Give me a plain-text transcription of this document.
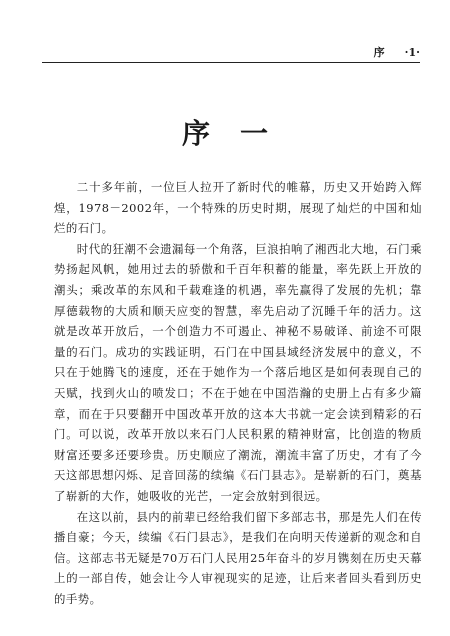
序 ·1·
序一

二十多年前，一位巨人拉开了新时代的帷幕，历史又开始跨入辉煌，1978－2002年，一个特殊的历史时期，展现了灿烂的中国和灿烂的石门。

时代的狂潮不会遗漏每一个角落，巨浪拍响了湘西北大地，石门乘势扬起风帆，她用过去的骄傲和千百年积蓄的能量，率先跃上开放的潮头；乘改革的东风和千载难逢的机遇，率先赢得了发展的先机；靠厚德载物的大质和顺天应变的智慧，率先启动了沉睡千年的活力。这就是改革开放后，一个创造力不可遏止、神秘不易破译、前途不可限量的石门。成功的实践证明，石门在中国县域经济发展中的意义，不只在于她腾飞的速度，还在于她作为一个落后地区是如何表现自己的天赋，找到火山的喷发口；不在于她在中国浩瀚的史册上占有多少篇章，而在于只要翻开中国改革开放的这本大书就一定会读到精彩的石门。可以说，改革开放以来石门人民积累的精神财富，比创造的物质财富还要多还要珍贵。历史顺应了潮流，潮流丰富了历史，才有了今天这部思想闪烁、足音回荡的续编《石门县志》。是崭新的石门，奠基了崭新的大作，她吸收的光芒，一定会放射到很远。

在这以前，县内的前辈已经给我们留下多部志书，那是先人们在传播自豪；今天，续编《石门县志》，是我们在向明天传递新的观念和自信。这部志书无疑是70万石门人民用25年奋斗的岁月镌刻在历史天幕上的一部自传，她会让今人审视现实的足迹，让后来者回头看到历史的手势。
